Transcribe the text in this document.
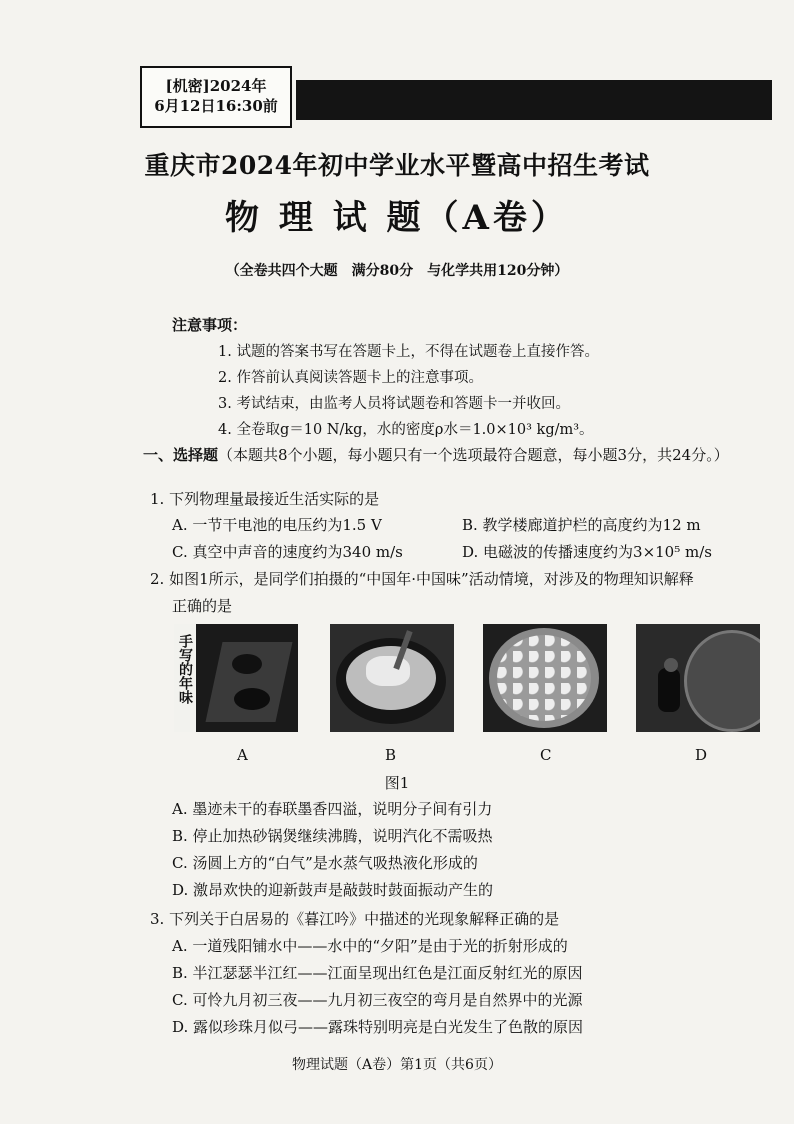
[机密]2024年
6月12日16:30前
重庆市2024年初中学业水平暨高中招生考试
物 理 试 题（A卷）
（全卷共四个大题　满分80分　与化学共用120分钟）
注意事项：
1. 试题的答案书写在答题卡上，不得在试题卷上直接作答。
2. 作答前认真阅读答题卡上的注意事项。
3. 考试结束，由监考人员将试题卷和答题卡一并收回。
4. 全卷取g＝10 N/kg，水的密度ρ水＝1.0×10³ kg/m³。
一、选择题（本题共8个小题，每小题只有一个选项最符合题意，每小题3分，共24分。）
1. 下列物理量最接近生活实际的是
A. 一节干电池的电压约为1.5 V	B. 教学楼廊道护栏的高度约为12 m
C. 真空中声音的速度约为340 m/s	D. 电磁波的传播速度约为3×10⁵ m/s
2. 如图1所示，是同学们拍摄的“中国年·中国味”活动情境，对涉及的物理知识解释
正确的是
手写的年味
A	B	C	D
图1
A. 墨迹未干的春联墨香四溢，说明分子间有引力
B. 停止加热砂锅煲继续沸腾，说明汽化不需吸热
C. 汤圆上方的“白气”是水蒸气吸热液化形成的
D. 激昂欢快的迎新鼓声是敲鼓时鼓面振动产生的
3. 下列关于白居易的《暮江吟》中描述的光现象解释正确的是
A. 一道残阳铺水中——水中的“夕阳”是由于光的折射形成的
B. 半江瑟瑟半江红——江面呈现出红色是江面反射红光的原因
C. 可怜九月初三夜——九月初三夜空的弯月是自然界中的光源
D. 露似珍珠月似弓——露珠特别明亮是白光发生了色散的原因
物理试题（A卷）第1页（共6页）
